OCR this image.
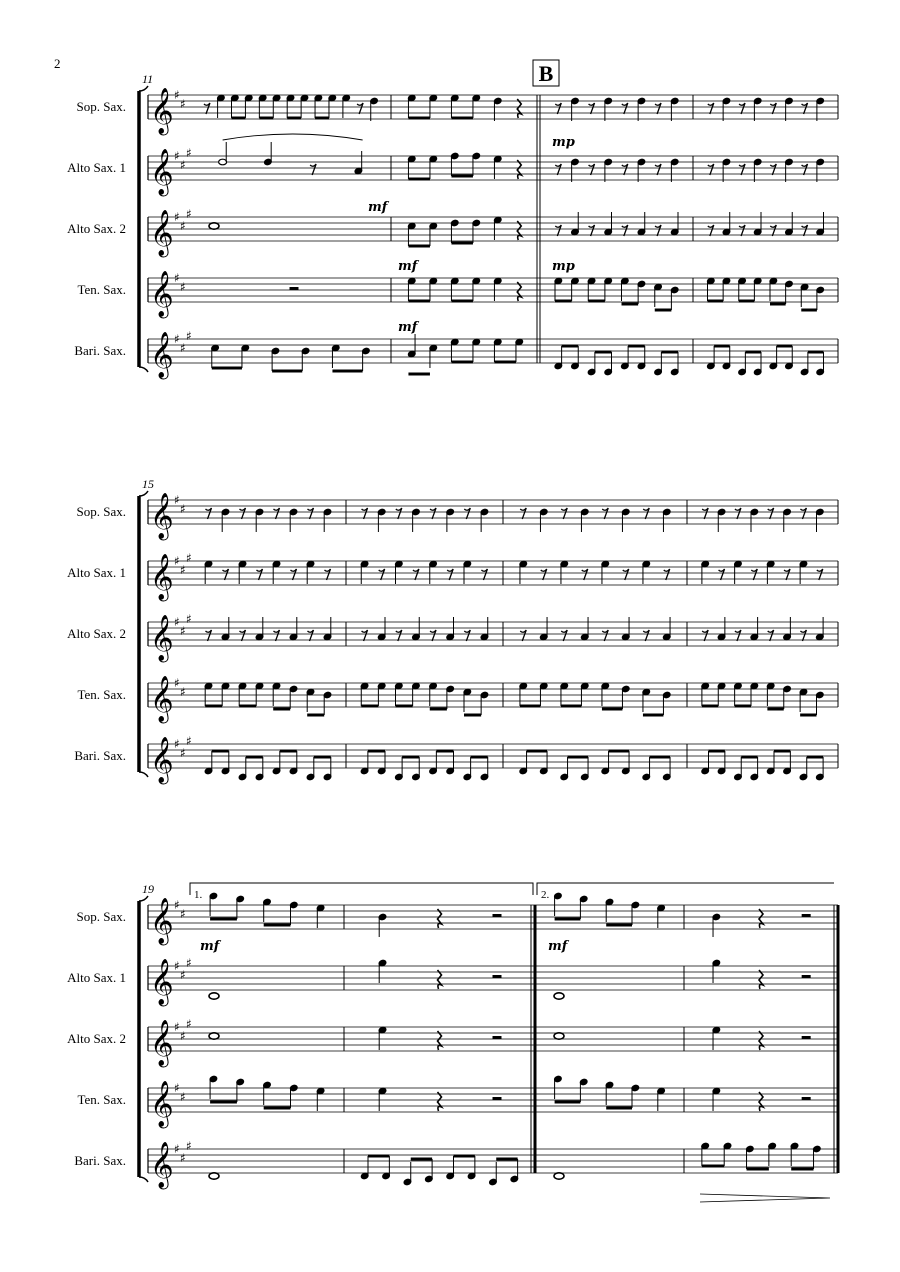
2
𝄞 ♯
♯
𝄞 ♯
♯
♯
𝄞 ♯
♯
♯
𝄞 ♯
♯
𝄞 ♯
♯
♯
11
Sop. Sax.
Alto Sax. 1
Alto Sax. 2
Ten. Sax.
Bari. Sax.
𝄞 ♯
♯
𝄞 ♯
♯
♯
𝄞 ♯
♯
♯
𝄞 ♯
♯
𝄞 ♯
♯
♯
15
Sop. Sax.
Alto Sax. 1
Alto Sax. 2
Ten. Sax.
Bari. Sax.
𝄞 ♯
♯
𝄞 ♯
♯
♯
𝄞 ♯
♯
♯
𝄞 ♯
♯
𝄞 ♯
♯
♯
19
Sop. Sax.
Alto Sax. 1
Alto Sax. 2
Ten. Sax.
Bari. Sax.
B
1.	2.
mp
mp
mf
mf
mf
mf	mf
